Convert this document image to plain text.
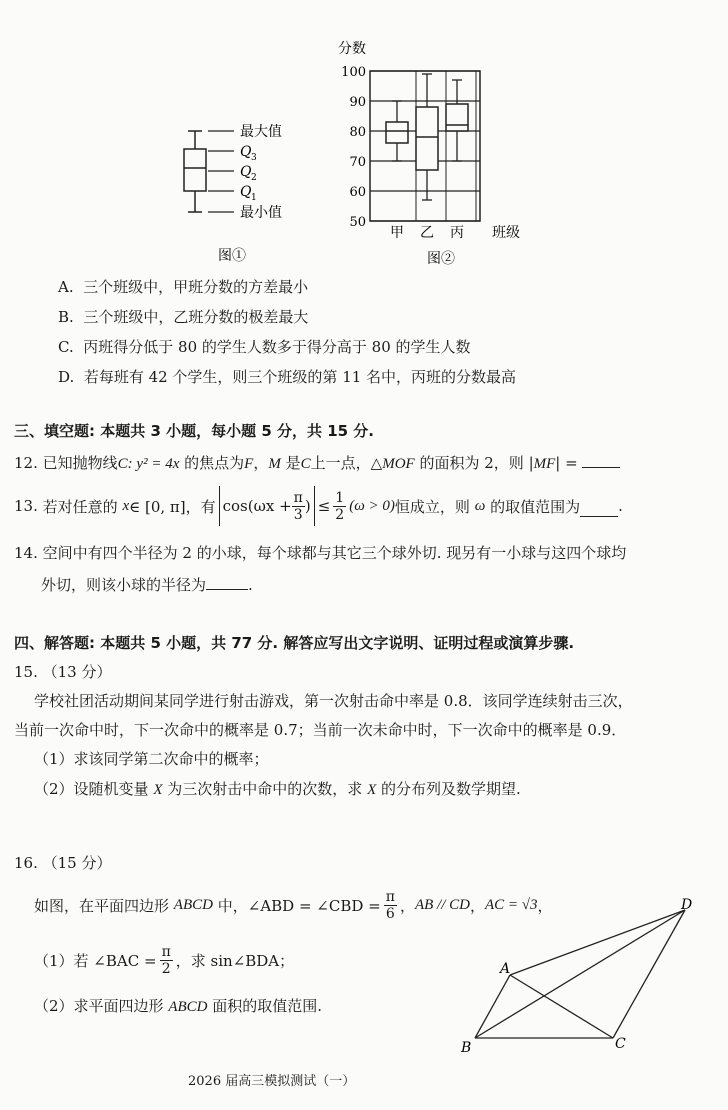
最大值
Q 3
Q 2
Q 1
最小值
图①
分数
50
60
70
80
90
100
甲 乙 丙 班级
图②
A. 三个班级中，甲班分数的方差最小
B. 三个班级中，乙班分数的极差最大
C. 丙班得分低于 80 的学生人数多于得分高于 80 的学生人数
D. 若每班有 42 个学生，则三个班级的第 11 名中，丙班的分数最高
三、填空题: 本题共 3 小题，每小题 5 分，共 15 分.
12. 已知抛物线C: y² = 4x 的焦点为F，M 是C上一点，△MOF 的面积为 2，则 |MF| =
13.
若对任意的
x ∈ [0, π]，有 $\cos(\omega x + \frac{\pi}{3}$ ) ≤ $\frac{1}{2} (\omega > 0)$ 恒成立，则
ω
的取值范围为	.
14. 空间中有四个半径为 2 的小球，每个球都与其它三个球外切. 现另有一小球与这四个球均
外切，则该小球的半径为	.
四、解答题: 本题共 5 小题，共 77 分. 解答应写出文字说明、证明过程或演算步骤.
15. （13 分）
学校社团活动期间某同学进行射击游戏，第一次射击命中率是 0.8．该同学连续射击三次，
当前一次命中时，下一次命中的概率是 0.7；当前一次未命中时，下一次命中的概率是 0.9．
（1）求该同学第二次命中的概率；
（2）设随机变量 X 为三次射击中命中的次数，求 X 的分布列及数学期望.
16. （15 分）
如图，在平面四边形
ABCD
中，∠ABD = ∠CBD = $\frac{\pi}{6}$ ， AB // CD ， AC = √3 ，
（1）若 ∠BAC = $\frac{\pi}{2}$ ，求 sin∠BDA；
（2）求平面四边形 ABCD 面积的取值范围.
A
B	C
D
2026 届高三模拟测试（一）
